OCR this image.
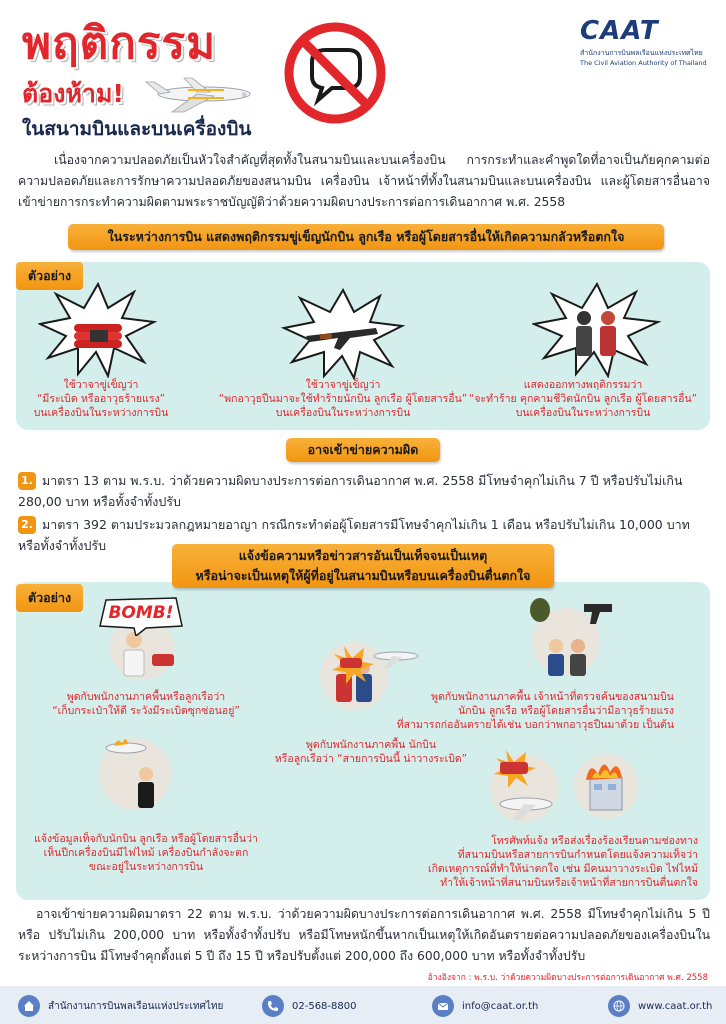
พฤติกรรม
ต้องห้าม!
ในสนามบินและบนเครื่องบิน
CAAT
สำนักงานการบินพลเรือนแห่งประเทศไทย
The Civil Aviation Authority of Thailand
เนื่องจากความปลอดภัยเป็นหัวใจสำคัญที่สุดทั้งในสนามบินและบนเครื่องบิน การกระทำและคำพูดใดที่อาจเป็นภัยคุกคามต่อความปลอดภัยและการรักษาความปลอดภัยของสนามบิน เครื่องบิน เจ้าหน้าที่ทั้งในสนามบินและบนเครื่องบิน และผู้โดยสารอื่นอาจเข้าข่ายการกระทำความผิดตามพระราชบัญญัติว่าด้วยความผิดบางประการต่อการเดินอากาศ พ.ศ. 2558
ในระหว่างการบิน แสดงพฤติกรรมขู่เข็ญนักบิน ลูกเรือ หรือผู้โดยสารอื่นให้เกิดความกลัวหรือตกใจ
ตัวอย่าง
ใช้วาจาขู่เข็ญว่า
“มีระเบิด หรืออาวุธร้ายแรง”
บนเครื่องบินในระหว่างการบิน
ใช้วาจาขู่เข็ญว่า
“พกอาวุธปืนมาจะใช้ทำร้ายนักบิน ลูกเรือ ผู้โดยสารอื่น”
บนเครื่องบินในระหว่างการบิน
แสดงออกทางพฤติกรรมว่า
“จะทำร้าย คุกคามชีวิตนักบิน ลูกเรือ ผู้โดยสารอื่น”
บนเครื่องบินในระหว่างการบิน
อาจเข้าข่ายความผิด
1. มาตรา 13 ตาม พ.ร.บ. ว่าด้วยความผิดบางประการต่อการเดินอากาศ พ.ศ. 2558 มีโทษจำคุกไม่เกิน 7 ปี หรือปรับไม่เกิน 280,00 บาท หรือทั้งจำทั้งปรับ
2. มาตรา 392 ตามประมวลกฎหมายอาญา กรณีกระทำต่อผู้โดยสารมีโทษจำคุกไม่เกิน 1 เดือน หรือปรับไม่เกิน 10,000 บาท หรือทั้งจำทั้งปรับ
แจ้งข้อความหรือข่าวสารอันเป็นเท็จจนเป็นเหตุ
หรือน่าจะเป็นเหตุให้ผู้ที่อยู่ในสนามบินหรือบนเครื่องบินตื่นตกใจ
ตัวอย่าง
BOMB!
พูดกับพนักงานภาคพื้นหรือลูกเรือว่า
“เก็บกระเป๋าให้ดี ระวังมีระเบิดซุกซ่อนอยู่”
พูดกับพนักงานภาคพื้น นักบิน
หรือลูกเรือว่า “สายการบินนี้ น่าวางระเบิด”
แจ้งข้อมูลเท็จกับนักบิน ลูกเรือ หรือผู้โดยสารอื่นว่า
เห็นปีกเครื่องบินมีไฟไหม้ เครื่องบินกำลังจะตก
ขณะอยู่ในระหว่างการบิน
พูดกับพนักงานภาคพื้น เจ้าหน้าที่ตรวจค้นของสนามบิน
นักบิน ลูกเรือ หรือผู้โดยสารอื่นว่ามีอาวุธร้ายแรง
ที่สามารถก่ออันตรายได้เช่น บอกว่าพกอาวุธปืนมาด้วย เป็นต้น
โทรศัพท์แจ้ง หรือส่งเรื่องร้องเรียนตามช่องทาง
ที่สนามบินหรือสายการบินกำหนดโดยแจ้งความเท็จว่า
เกิดเหตุการณ์ที่ทำให้น่าตกใจ เช่น มีคนมาวางระเบิด ไฟไหม้
ทำให้เจ้าหน้าที่สนามบินหรือเจ้าหน้าที่สายการบินตื่นตกใจ
อาจเข้าข่ายความผิดมาตรา 22 ตาม พ.ร.บ. ว่าด้วยความผิดบางประการต่อการเดินอากาศ พ.ศ. 2558 มีโทษจำคุกไม่เกิน 5 ปี หรือ ปรับไม่เกิน 200,000 บาท หรือทั้งจำทั้งปรับ หรือมีโทษหนักขึ้นหากเป็นเหตุให้เกิดอันตรายต่อความปลอดภัยของเครื่องบินในระหว่างการบิน มีโทษจำคุกตั้งแต่ 5 ปี ถึง 15 ปี หรือปรับตั้งแต่ 200,000 ถึง 600,000 บาท หรือทั้งจำทั้งปรับ
อ้างอิงจาก : พ.ร.บ. ว่าด้วยความผิดบางประการต่อการเดินอากาศ พ.ศ. 2558
สำนักงานการบินพลเรือนแห่งประเทศไทย	02-568-8800	info@caat.or.th	www.caat.or.th
